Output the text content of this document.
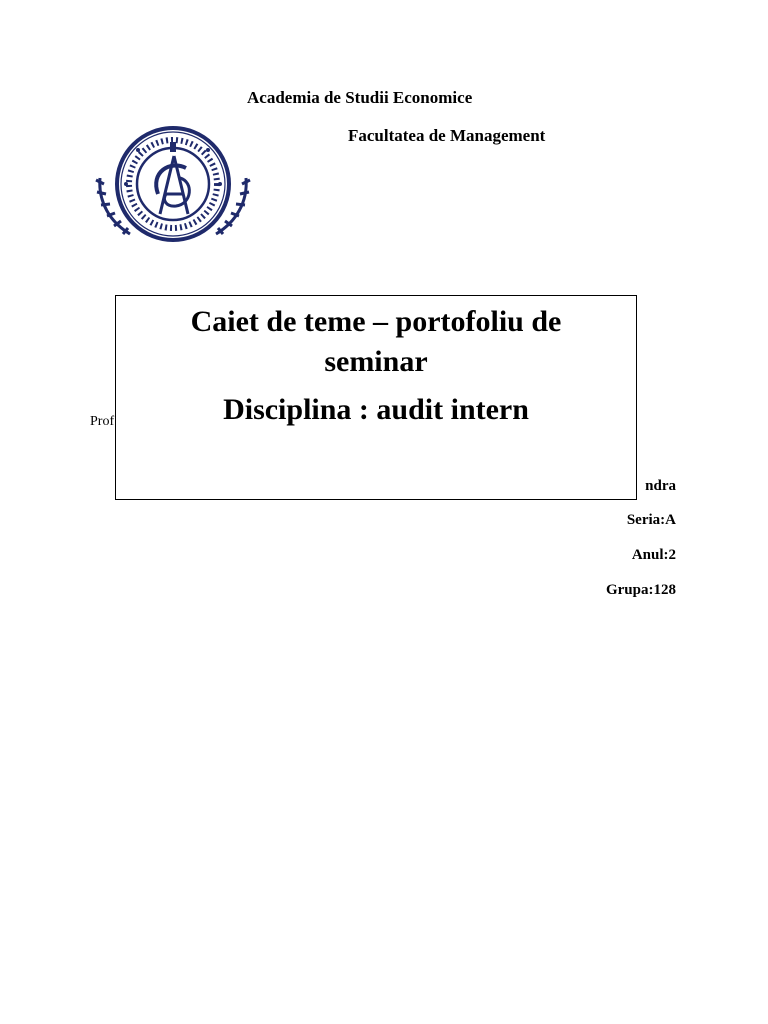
Academia de Studii Economice
Facultatea de Management
Prof
ndra
Seria:A
Anul:2
Grupa:128
Caiet de teme – portofoliu de seminar
Disciplina : audit intern
